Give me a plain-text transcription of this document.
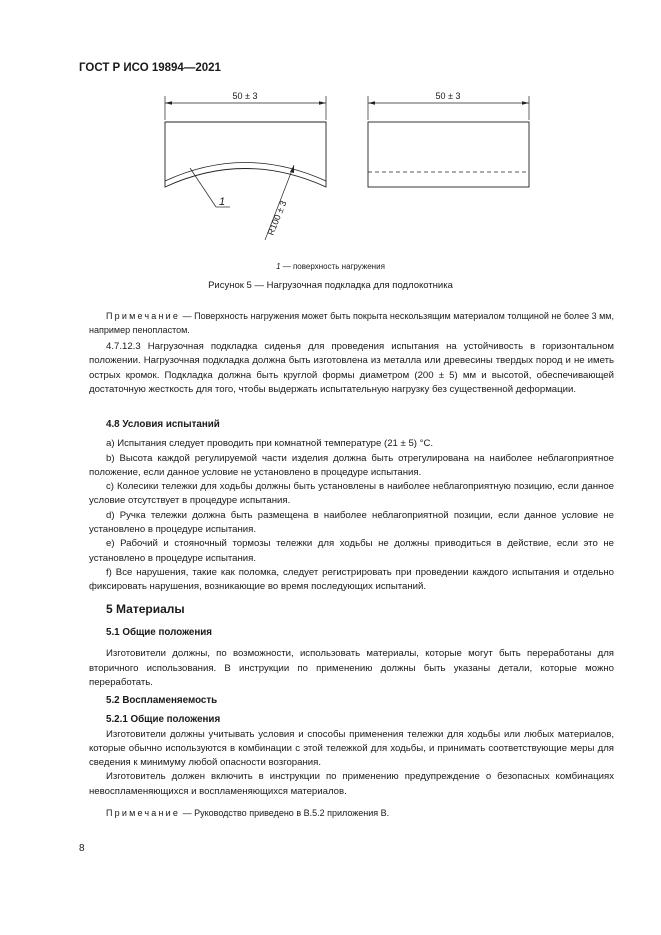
ГОСТ Р ИСО 19894—2021
50 ± 3
1	R100 ± 3
50 ± 3
1 — поверхность нагружения
Рисунок 5 — Нагрузочная подкладка для подлокотника
Примечание — Поверхность нагружения может быть покрыта нескользящим материалом толщиной не более 3 мм, например пенопластом.
4.7.12.3 Нагрузочная подкладка сиденья для проведения испытания на устойчивость в горизонтальном положении. Нагрузочная подкладка должна быть изготовлена из металла или древесины твердых пород и не иметь острых кромок. Подкладка должна быть круглой формы диаметром (200 ± 5) мм и высотой, обеспечивающей достаточную жесткость для того, чтобы выдержать испытательную нагрузку без существенной деформации.
4.8 Условия испытаний
a) Испытания следует проводить при комнатной температуре (21 ± 5) °С.
b) Высота каждой регулируемой части изделия должна быть отрегулирована на наиболее неблагоприятное положение, если данное условие не установлено в процедуре испытания.
c) Колесики тележки для ходьбы должны быть установлены в наиболее неблагоприятную позицию, если данное условие отсутствует в процедуре испытания.
d) Ручка тележки должна быть размещена в наиболее неблагоприятной позиции, если данное условие не установлено в процедуре испытания.
e) Рабочий и стояночный тормозы тележки для ходьбы не должны приводиться в действие, если это не установлено в процедуре испытания.
f) Все нарушения, такие как поломка, следует регистрировать при проведении каждого испытания и отдельно фиксировать нарушения, возникающие во время последующих испытаний.
5 Материалы
5.1 Общие положения
Изготовители должны, по возможности, использовать материалы, которые могут быть переработаны для вторичного использования. В инструкции по применению должны быть указаны детали, которые можно переработать.
5.2 Воспламеняемость
5.2.1 Общие положения
Изготовители должны учитывать условия и способы применения тележки для ходьбы или любых материалов, которые обычно используются в комбинации с этой тележкой для ходьбы, и принимать соответствующие меры для сведения к минимуму любой опасности возгорания.
Изготовитель должен включить в инструкции по применению предупреждение о безопасных комбинациях невоспламеняющихся и воспламеняющихся материалов.
Примечание — Руководство приведено в В.5.2 приложения В.
8
